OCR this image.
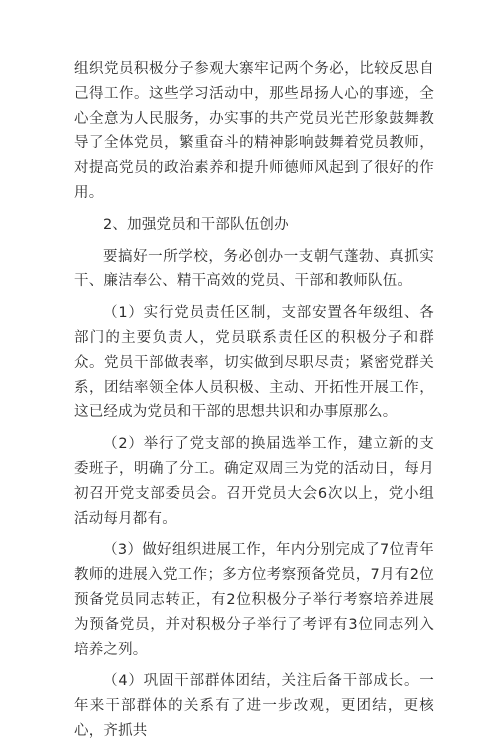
组织党员积极分子参观大寨牢记两个务必，比较反思自己得工作。这些学习活动中，那些昂扬人心的事迹，全心全意为人民服务，办实事的共产党员光芒形象鼓舞教导了全体党员，繁重奋斗的精神影响鼓舞着党员教师，对提高党员的政治素养和提升师德师风起到了很好的作用。

2、加强党员和干部队伍创办

要搞好一所学校，务必创办一支朝气蓬勃、真抓实干、廉洁奉公、精干高效的党员、干部和教师队伍。

（1）实行党员责任区制，支部安置各年级组、各部门的主要负责人，党员联系责任区的积极分子和群众。党员干部做表率，切实做到尽职尽责；紧密党群关系，团结率领全体人员积极、主动、开拓性开展工作，这已经成为党员和干部的思想共识和办事原那么。

（2）举行了党支部的换届选举工作，建立新的支委班子，明确了分工。确定双周三为党的活动日，每月初召开党支部委员会。召开党员大会6次以上，党小组活动每月都有。

（3）做好组织进展工作，年内分别完成了7位青年教师的进展入党工作；多方位考察预备党员，7月有2位预备党员同志转正，有2位积极分子举行考察培养进展为预备党员，并对积极分子举行了考评有3位同志列入培养之列。

（4）巩固干部群体团结，关注后备干部成长。一年来干部群体的关系有了进一步改观，更团结，更核心，齐抓共
